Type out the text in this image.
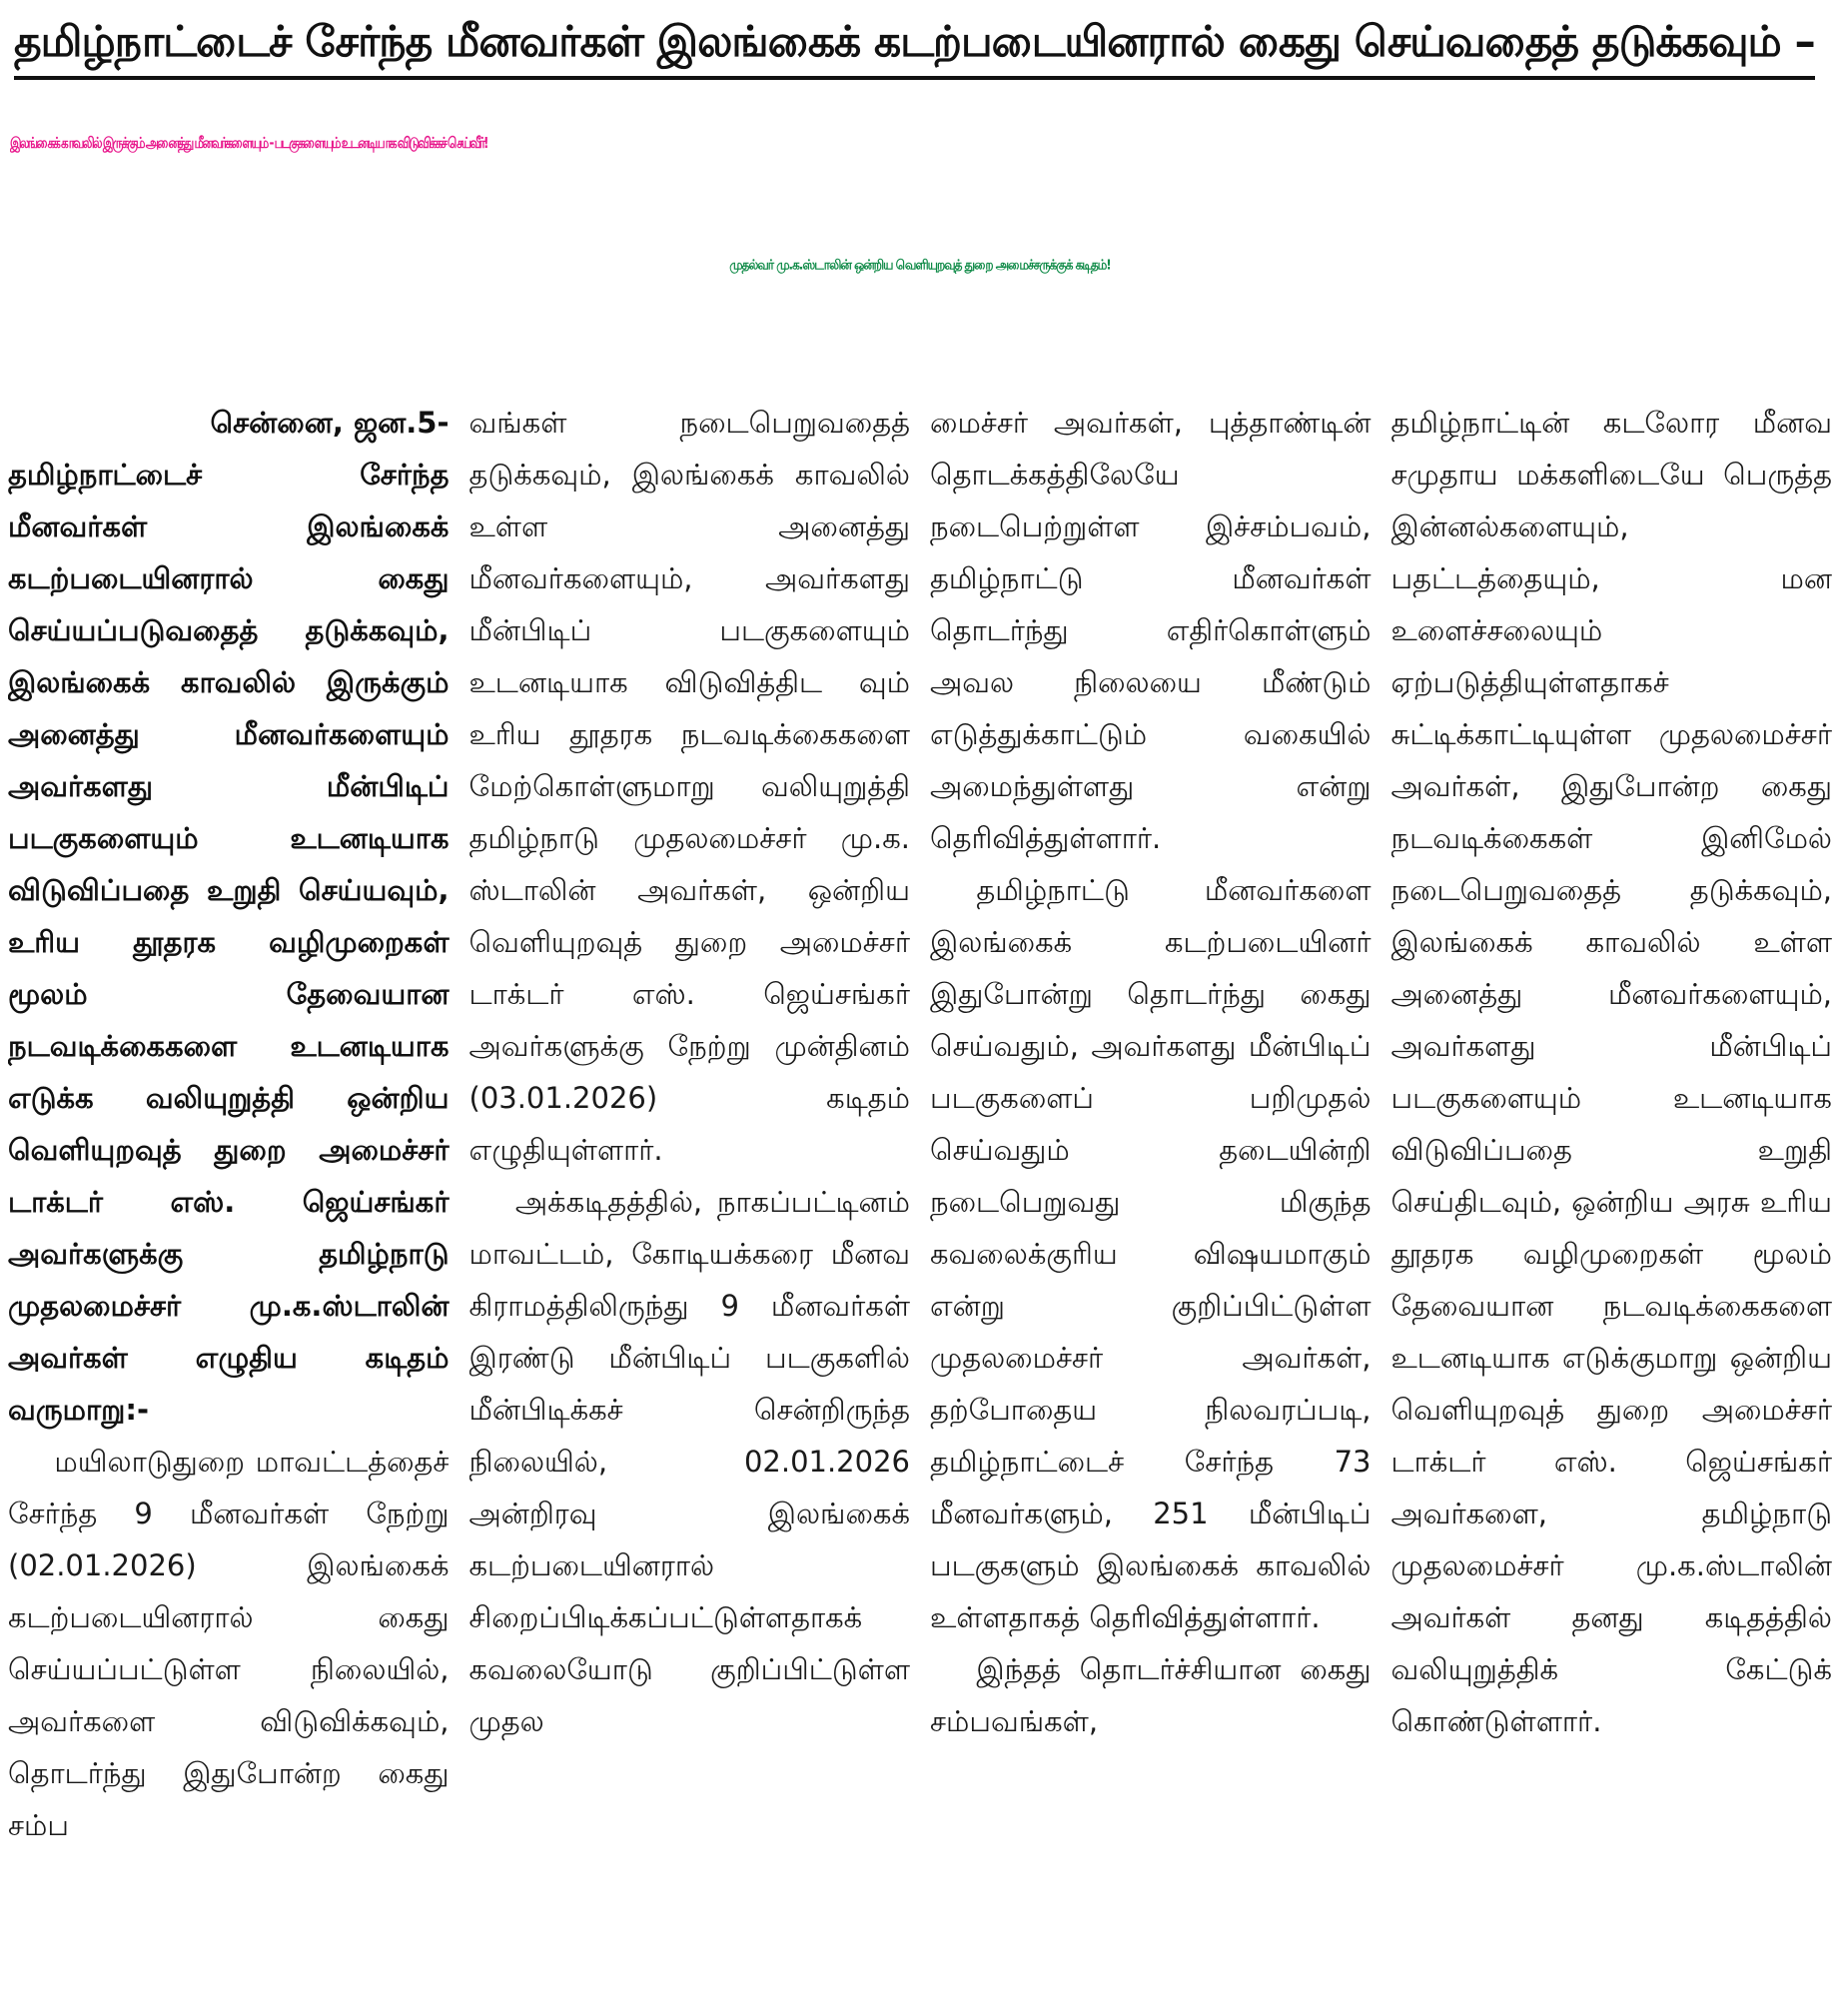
தமிழ்நாட்டைச் சேர்ந்த மீனவர்கள் இலங்கைக் கடற்படையினரால் கைது செய்வதைத் தடுக்கவும் –
இலங்கைக் காவலில் இருக்கும் அனைத்து மீனவர்களையும் - படகுகளையும் உடனடியாக விடுவிக்கச் செய்வீர்!
முதல்வர் மு.க.ஸ்டாலின் ஒன்றிய வெளியுறவுத் துறை அமைச்சருக்குக் கடிதம்!

சென்னை, ஜன.5-
தமிழ்நாட்டைச் சேர்ந்த மீனவர்கள் இலங்கைக் கடற்படையினரால் கைது செய்யப்படுவதைத் தடுக்கவும், இலங்கைக் காவலில் இருக்கும் அனைத்து மீனவர்களையும் அவர்களது மீன்பிடிப் படகுகளையும் உடனடியாக விடுவிப்பதை உறுதி செய்யவும், உரிய தூதரக வழிமுறைகள் மூலம் தேவையான நடவடிக்கைகளை உடனடியாக எடுக்க வலியுறுத்தி ஒன்றிய வெளியுறவுத் துறை அமைச்சர் டாக்டர் எஸ். ஜெய்சங்கர் அவர்களுக்கு தமிழ்நாடு முதலமைச்சர் மு.க.ஸ்டாலின் அவர்கள் எழுதிய கடிதம் வருமாறு:-

மயிலாடுதுறை மாவட்டத்தைச் சேர்ந்த 9 மீனவர்கள் நேற்று (02.01.2026) இலங்கைக் கடற்படையினரால் கைது செய்யப்பட்டுள்ள நிலையில், அவர்களை விடுவிக்கவும், தொடர்ந்து இதுபோன்ற கைது சம்ப

வங்கள் நடைபெறுவதைத் தடுக்கவும், இலங்கைக் காவலில் உள்ள அனைத்து மீனவர்களையும், அவர்களது மீன்பிடிப் படகுகளையும் உடனடியாக விடுவித்திட வும் உரிய தூதரக நடவடிக்கைகளை மேற்கொள்ளுமாறு வலியுறுத்தி தமிழ்நாடு முதலமைச்சர் மு.க. ஸ்டாலின் அவர்கள், ஒன்றிய வெளியுறவுத் துறை அமைச்சர் டாக்டர் எஸ். ஜெய்சங்கர் அவர்களுக்கு நேற்று முன்தினம் (03.01.2026) கடிதம் எழுதியுள்ளார்.

அக்கடிதத்தில், நாகப்பட்டினம் மாவட்டம், கோடியக்கரை மீனவ கிராமத்திலிருந்து 9 மீனவர்கள் இரண்டு மீன்பிடிப் படகுகளில் மீன்பிடிக்கச் சென்றிருந்த நிலையில், 02.01.2026 அன்றிரவு இலங்கைக் கடற்படையினரால் சிறைப்பிடிக்கப்பட்டுள்ளதாகக் கவலையோடு குறிப்பிட்டுள்ள முதல

மைச்சர் அவர்கள், புத்தாண்டின் தொடக்கத்திலேயே நடைபெற்றுள்ள இச்சம்பவம், தமிழ்நாட்டு மீனவர்கள் தொடர்ந்து எதிர்கொள்ளும் அவல நிலையை மீண்டும் எடுத்துக்காட்டும் வகையில் அமைந்துள்ளது என்று தெரிவித்துள்ளார்.

தமிழ்நாட்டு மீனவர்களை இலங்கைக் கடற்படையினர் இதுபோன்று தொடர்ந்து கைது செய்வதும், அவர்களது மீன்பிடிப் படகுகளைப் பறிமுதல் செய்வதும் தடையின்றி நடைபெறுவது மிகுந்த கவலைக்குரிய விஷயமாகும் என்று குறிப்பிட்டுள்ள முதலமைச்சர் அவர்கள், தற்போதைய நிலவரப்படி, தமிழ்நாட்டைச் சேர்ந்த 73 மீனவர்களும், 251 மீன்பிடிப் படகுகளும் இலங்கைக் காவலில் உள்ளதாகத் தெரிவித்துள்ளார்.

இந்தத் தொடர்ச்சியான கைது சம்பவங்கள்,

தமிழ்நாட்டின் கடலோர மீனவ சமுதாய மக்களிடையே பெருத்த இன்னல்களையும், பதட்டத்தையும், மன உளைச்சலையும் ஏற்படுத்தியுள்ளதாகச் சுட்டிக்காட்டியுள்ள முதலமைச்சர் அவர்கள், இதுபோன்ற கைது நடவடிக்கைகள் இனிமேல் நடைபெறுவதைத் தடுக்கவும், இலங்கைக் காவலில் உள்ள அனைத்து மீனவர்களையும், அவர்களது மீன்பிடிப் படகுகளையும் உடனடியாக விடுவிப்பதை உறுதி செய்திடவும், ஒன்றிய அரசு உரிய தூதரக வழிமுறைகள் மூலம் தேவையான நடவடிக்கைகளை உடனடியாக எடுக்குமாறு ஒன்றிய வெளியுறவுத் துறை அமைச்சர் டாக்டர் எஸ். ஜெய்சங்கர் அவர்களை, தமிழ்நாடு முதலமைச்சர் மு.க.ஸ்டாலின் அவர்கள் தனது கடிதத்தில் வலியுறுத்திக் கேட்டுக் கொண்டுள்ளார்.
